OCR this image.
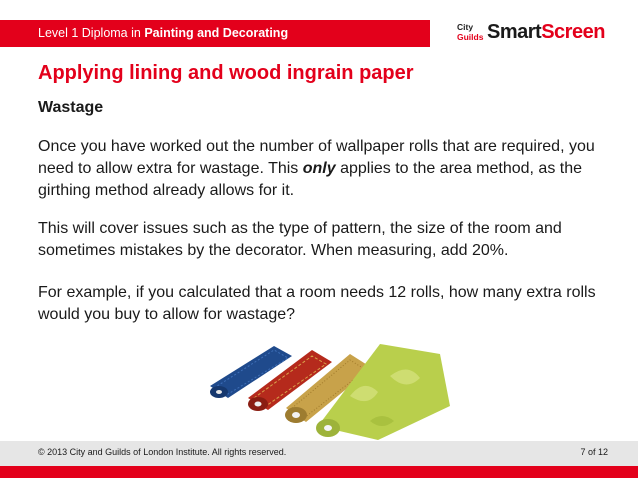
Level 1 Diploma in Painting and Decorating	City
Guilds SmartScreen
Applying lining and wood ingrain paper
Wastage

Once you have worked out the number of wallpaper rolls that are required, you need to allow extra for wastage. This only applies to the area method, as the girthing method already allows for it.

This will cover issues such as the type of pattern, the size of the room and sometimes mistakes by the decorator. When measuring, add 20%.

For example, if you calculated that a room needs 12 rolls, how many extra rolls would you buy to allow for wastage?

© 2013 City and Guilds of London Institute. All rights reserved.	7 of 12
